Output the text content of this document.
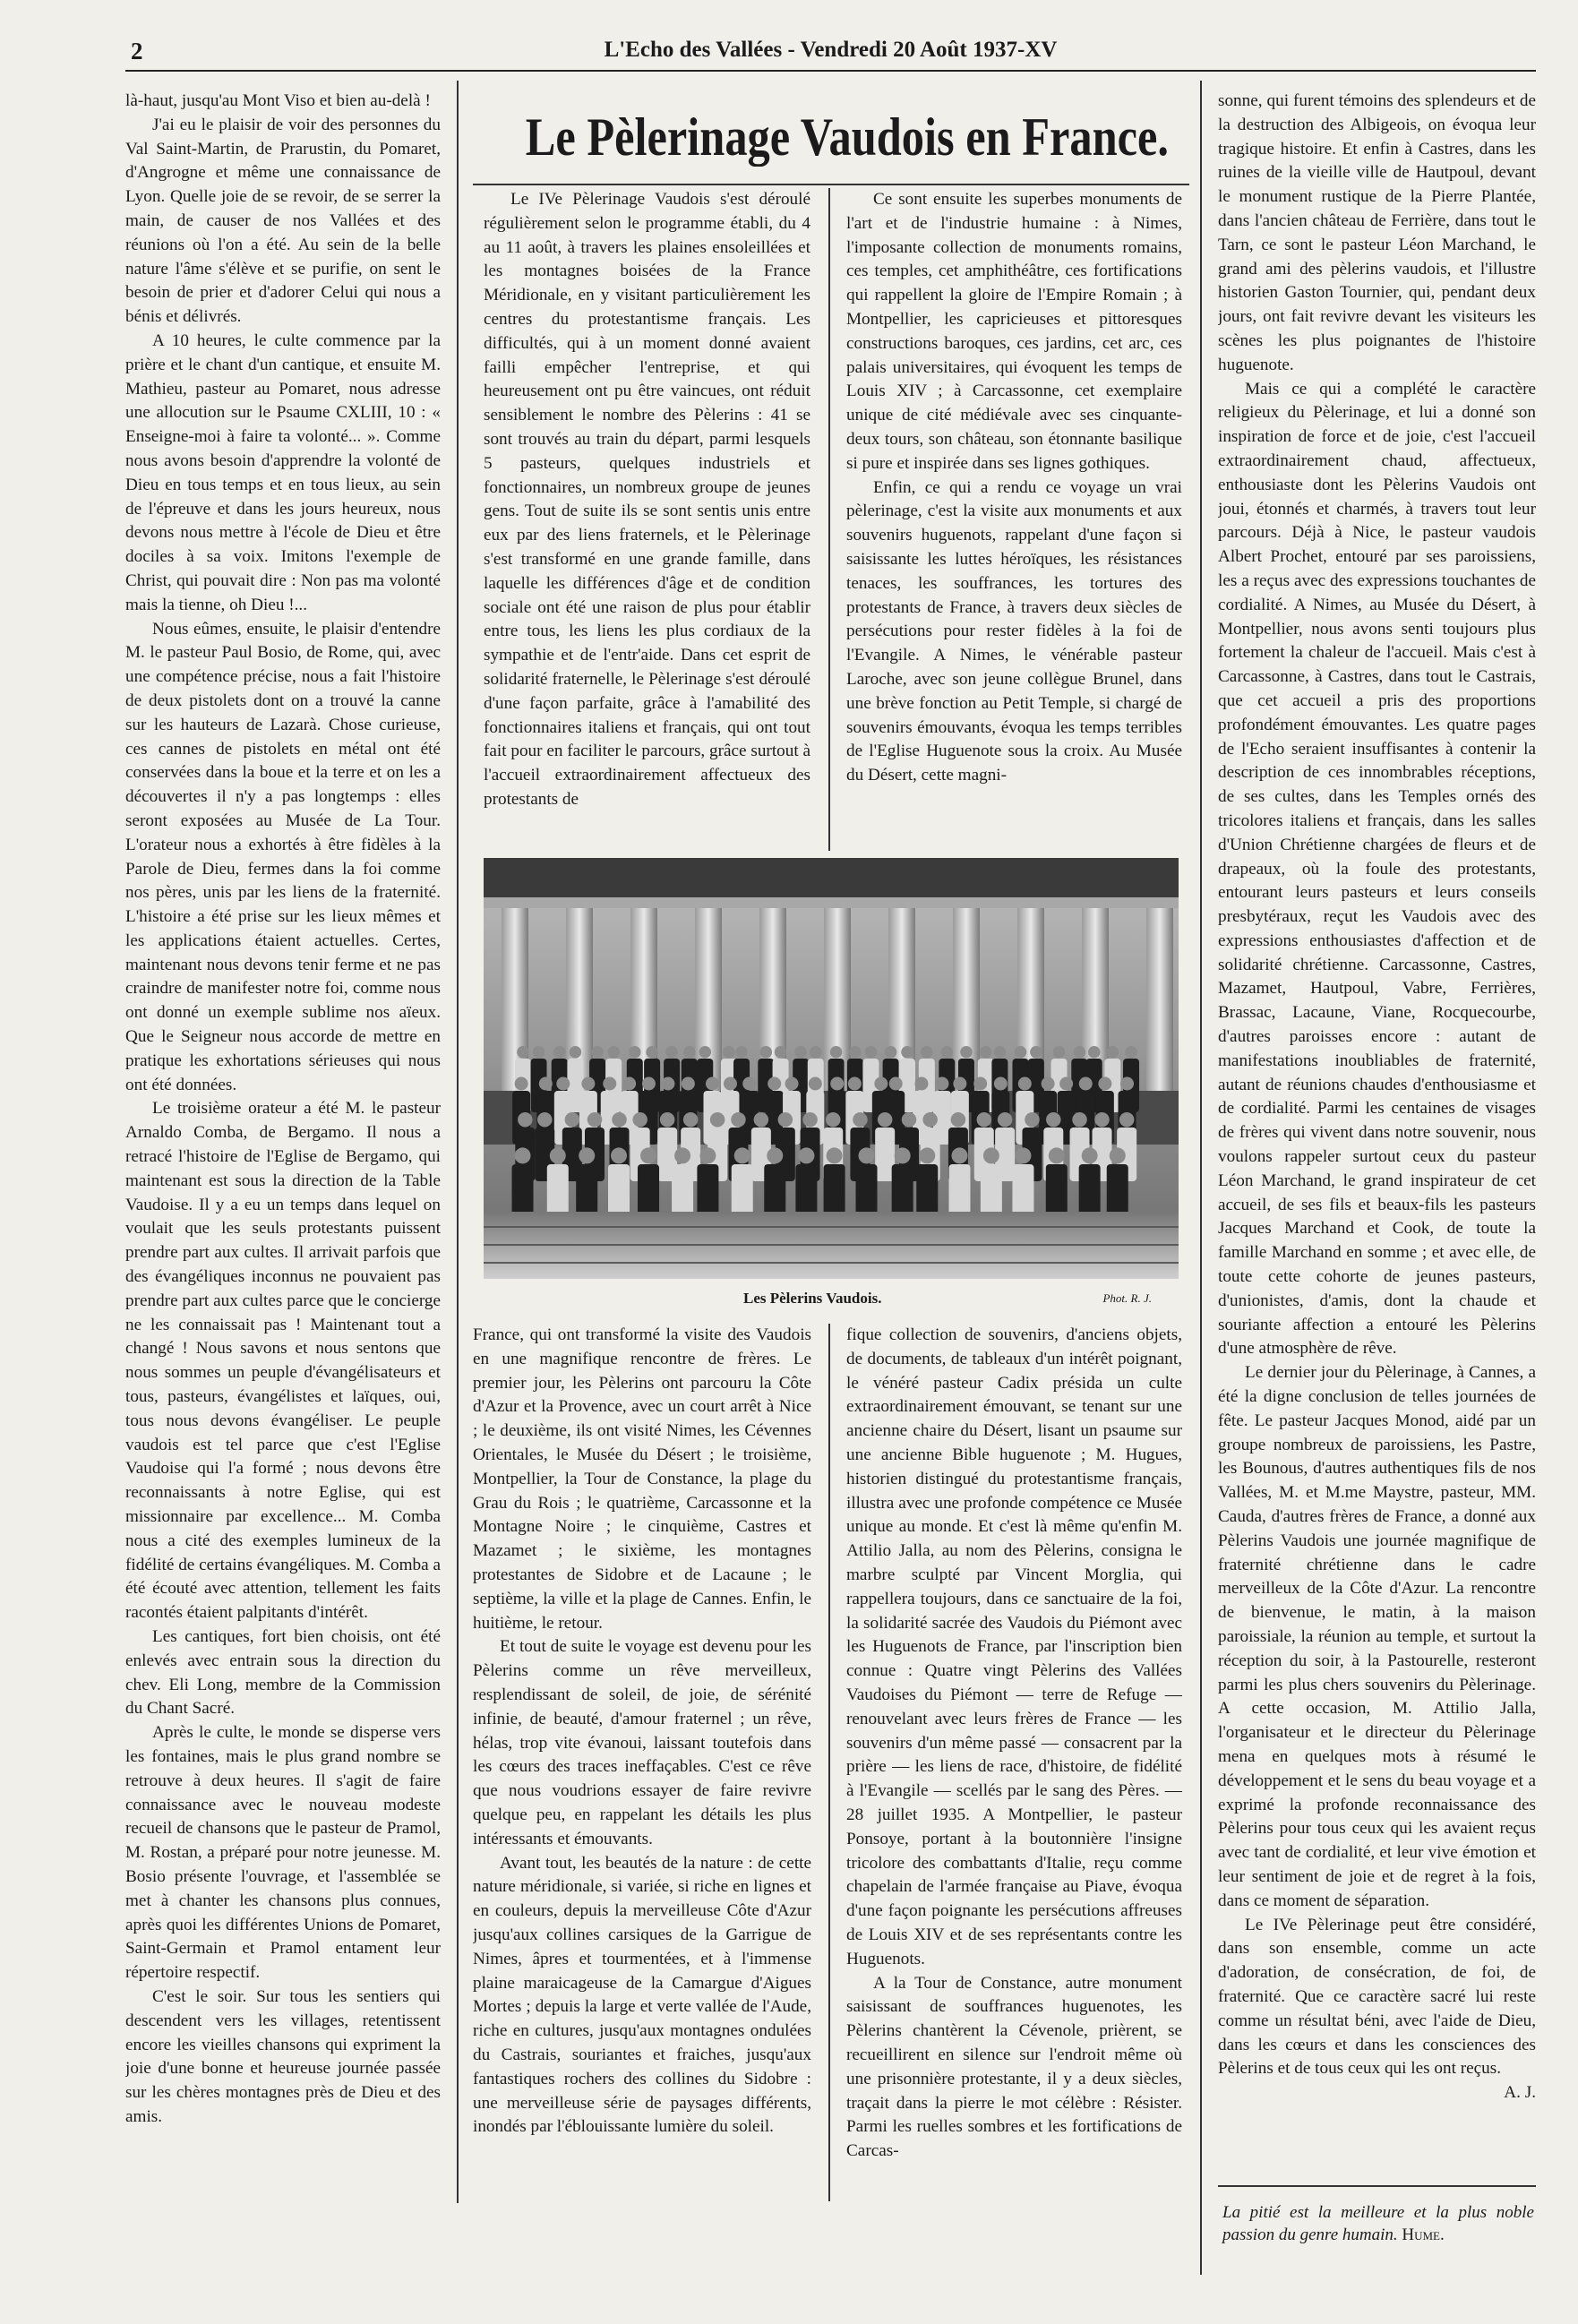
2	L'Echo des Vallées - Vendredi 20 Août 1937-XV

là-haut, jusqu'au Mont Viso et bien au-delà !

J'ai eu le plaisir de voir des personnes du Val Saint-Martin, de Prarustin, du Pomaret, d'Angrogne et même une connaissance de Lyon. Quelle joie de se revoir, de se serrer la main, de causer de nos Vallées et des réunions où l'on a été. Au sein de la belle nature l'âme s'élève et se purifie, on sent le besoin de prier et d'adorer Celui qui nous a bénis et délivrés.

A 10 heures, le culte commence par la prière et le chant d'un cantique, et ensuite M. Mathieu, pasteur au Pomaret, nous adresse une allocution sur le Psaume CXLIII, 10 : « Enseigne-moi à faire ta volonté... ». Comme nous avons besoin d'apprendre la volonté de Dieu en tous temps et en tous lieux, au sein de l'épreuve et dans les jours heureux, nous devons nous mettre à l'école de Dieu et être dociles à sa voix. Imitons l'exemple de Christ, qui pouvait dire : Non pas ma volonté mais la tienne, oh Dieu !...

Nous eûmes, ensuite, le plaisir d'entendre M. le pasteur Paul Bosio, de Rome, qui, avec une compétence précise, nous a fait l'histoire de deux pistolets dont on a trouvé la canne sur les hauteurs de Lazarà. Chose curieuse, ces cannes de pistolets en métal ont été conservées dans la boue et la terre et on les a découvertes il n'y a pas longtemps : elles seront exposées au Musée de La Tour. L'orateur nous a exhortés à être fidèles à la Parole de Dieu, fermes dans la foi comme nos pères, unis par les liens de la fraternité. L'histoire a été prise sur les lieux mêmes et les applications étaient actuelles. Certes, maintenant nous devons tenir ferme et ne pas craindre de manifester notre foi, comme nous ont donné un exemple sublime nos aïeux. Que le Seigneur nous accorde de mettre en pratique les exhortations sérieuses qui nous ont été données.

Le troisième orateur a été M. le pasteur Arnaldo Comba, de Bergamo. Il nous a retracé l'histoire de l'Eglise de Bergamo, qui maintenant est sous la direction de la Table Vaudoise. Il y a eu un temps dans lequel on voulait que les seuls protestants puissent prendre part aux cultes. Il arrivait parfois que des évangéliques inconnus ne pouvaient pas prendre part aux cultes parce que le concierge ne les connaissait pas ! Maintenant tout a changé ! Nous savons et nous sentons que nous sommes un peuple d'évangélisateurs et tous, pasteurs, évangélistes et laïques, oui, tous nous devons évangéliser. Le peuple vaudois est tel parce que c'est l'Eglise Vaudoise qui l'a formé ; nous devons être reconnaissants à notre Eglise, qui est missionnaire par excellence... M. Comba nous a cité des exemples lumineux de la fidélité de certains évangéliques. M. Comba a été écouté avec attention, tellement les faits racontés étaient palpitants d'intérêt.

Les cantiques, fort bien choisis, ont été enlevés avec entrain sous la direction du chev. Eli Long, membre de la Commission du Chant Sacré.

Après le culte, le monde se disperse vers les fontaines, mais le plus grand nombre se retrouve à deux heures. Il s'agit de faire connaissance avec le nouveau modeste recueil de chansons que le pasteur de Pramol, M. Rostan, a préparé pour notre jeunesse. M. Bosio présente l'ouvrage, et l'assemblée se met à chanter les chansons plus connues, après quoi les différentes Unions de Pomaret, Saint-Germain et Pramol entament leur répertoire respectif.

C'est le soir. Sur tous les sentiers qui descendent vers les villages, retentissent encore les vieilles chansons qui expriment la joie d'une bonne et heureuse journée passée sur les chères montagnes près de Dieu et des amis.

Le Pèlerinage Vaudois en France.

Le IVe Pèlerinage Vaudois s'est déroulé régulièrement selon le programme établi, du 4 au 11 août, à travers les plaines ensoleillées et les montagnes boisées de la France Méridionale, en y visitant particulièrement les centres du protestantisme français. Les difficultés, qui à un moment donné avaient failli empêcher l'entreprise, et qui heureusement ont pu être vaincues, ont réduit sensiblement le nombre des Pèlerins : 41 se sont trouvés au train du départ, parmi lesquels 5 pasteurs, quelques industriels et fonctionnaires, un nombreux groupe de jeunes gens. Tout de suite ils se sont sentis unis entre eux par des liens fraternels, et le Pèlerinage s'est transformé en une grande famille, dans laquelle les différences d'âge et de condition sociale ont été une raison de plus pour établir entre tous, les liens les plus cordiaux de la sympathie et de l'entr'aide. Dans cet esprit de solidarité fraternelle, le Pèlerinage s'est déroulé d'une façon parfaite, grâce à l'amabilité des fonctionnaires italiens et français, qui ont tout fait pour en faciliter le parcours, grâce surtout à l'accueil extraordinairement affectueux des protestants de

Ce sont ensuite les superbes monuments de l'art et de l'industrie humaine : à Nimes, l'imposante collection de monuments romains, ces temples, cet amphithéâtre, ces fortifications qui rappellent la gloire de l'Empire Romain ; à Montpellier, les capricieuses et pittoresques constructions baroques, ces jardins, cet arc, ces palais universitaires, qui évoquent les temps de Louis XIV ; à Carcassonne, cet exemplaire unique de cité médiévale avec ses cinquante-deux tours, son château, son étonnante basilique si pure et inspirée dans ses lignes gothiques.

Enfin, ce qui a rendu ce voyage un vrai pèlerinage, c'est la visite aux monuments et aux souvenirs huguenots, rappelant d'une façon si saisissante les luttes héroïques, les résistances tenaces, les souffrances, les tortures des protestants de France, à travers deux siècles de persécutions pour rester fidèles à la foi de l'Evangile. A Nimes, le vénérable pasteur Laroche, avec son jeune collègue Brunel, dans une brève fonction au Petit Temple, si chargé de souvenirs émouvants, évoqua les temps terribles de l'Eglise Huguenote sous la croix. Au Musée du Désert, cette magni-

Les Pèlerins Vaudois.	Phot. R. J.

France, qui ont transformé la visite des Vaudois en une magnifique rencontre de frères. Le premier jour, les Pèlerins ont parcouru la Côte d'Azur et la Provence, avec un court arrêt à Nice ; le deuxième, ils ont visité Nimes, les Cévennes Orientales, le Musée du Désert ; le troisième, Montpellier, la Tour de Constance, la plage du Grau du Rois ; le quatrième, Carcassonne et la Montagne Noire ; le cinquième, Castres et Mazamet ; le sixième, les montagnes protestantes de Sidobre et de Lacaune ; le septième, la ville et la plage de Cannes. Enfin, le huitième, le retour.

Et tout de suite le voyage est devenu pour les Pèlerins comme un rêve merveilleux, resplendissant de soleil, de joie, de sérénité infinie, de beauté, d'amour fraternel ; un rêve, hélas, trop vite évanoui, laissant toutefois dans les cœurs des traces ineffaçables. C'est ce rêve que nous voudrions essayer de faire revivre quelque peu, en rappelant les détails les plus intéressants et émouvants.

Avant tout, les beautés de la nature : de cette nature méridionale, si variée, si riche en lignes et en couleurs, depuis la merveilleuse Côte d'Azur jusqu'aux collines carsiques de la Garrigue de Nimes, âpres et tourmentées, et à l'immense plaine maraicageuse de la Camargue d'Aigues Mortes ; depuis la large et verte vallée de l'Aude, riche en cultures, jusqu'aux montagnes ondulées du Castrais, souriantes et fraiches, jusqu'aux fantastiques rochers des collines du Sidobre : une merveilleuse série de paysages différents, inondés par l'éblouissante lumière du soleil.

fique collection de souvenirs, d'anciens objets, de documents, de tableaux d'un intérêt poignant, le vénéré pasteur Cadix présida un culte extraordinairement émouvant, se tenant sur une ancienne chaire du Désert, lisant un psaume sur une ancienne Bible huguenote ; M. Hugues, historien distingué du protestantisme français, illustra avec une profonde compétence ce Musée unique au monde. Et c'est là même qu'enfin M. Attilio Jalla, au nom des Pèlerins, consigna le marbre sculpté par Vincent Morglia, qui rappellera toujours, dans ce sanctuaire de la foi, la solidarité sacrée des Vaudois du Piémont avec les Huguenots de France, par l'inscription bien connue : Quatre vingt Pèlerins des Vallées Vaudoises du Piémont — terre de Refuge — renouvelant avec leurs frères de France — les souvenirs d'un même passé — consacrent par la prière — les liens de race, d'histoire, de fidélité à l'Evangile — scellés par le sang des Pères. — 28 juillet 1935. A Montpellier, le pasteur Ponsoye, portant à la boutonnière l'insigne tricolore des combattants d'Italie, reçu comme chapelain de l'armée française au Piave, évoqua d'une façon poignante les persécutions affreuses de Louis XIV et de ses représentants contre les Huguenots.

A la Tour de Constance, autre monument saisissant de souffrances huguenotes, les Pèlerins chantèrent la Cévenole, prièrent, se recueillirent en silence sur l'endroit même où une prisonnière protestante, il y a deux siècles, traçait dans la pierre le mot célèbre : Résister. Parmi les ruelles sombres et les fortifications de Carcas-

sonne, qui furent témoins des splendeurs et de la destruction des Albigeois, on évoqua leur tragique histoire. Et enfin à Castres, dans les ruines de la vieille ville de Hautpoul, devant le monument rustique de la Pierre Plantée, dans l'ancien château de Ferrière, dans tout le Tarn, ce sont le pasteur Léon Marchand, le grand ami des pèlerins vaudois, et l'illustre historien Gaston Tournier, qui, pendant deux jours, ont fait revivre devant les visiteurs les scènes les plus poignantes de l'histoire huguenote.

Mais ce qui a complété le caractère religieux du Pèlerinage, et lui a donné son inspiration de force et de joie, c'est l'accueil extraordinairement chaud, affectueux, enthousiaste dont les Pèlerins Vaudois ont joui, étonnés et charmés, à travers tout leur parcours. Déjà à Nice, le pasteur vaudois Albert Prochet, entouré par ses paroissiens, les a reçus avec des expressions touchantes de cordialité. A Nimes, au Musée du Désert, à Montpellier, nous avons senti toujours plus fortement la chaleur de l'accueil. Mais c'est à Carcassonne, à Castres, dans tout le Castrais, que cet accueil a pris des proportions profondément émouvantes. Les quatre pages de l'Echo seraient insuffisantes à contenir la description de ces innombrables réceptions, de ses cultes, dans les Temples ornés des tricolores italiens et français, dans les salles d'Union Chrétienne chargées de fleurs et de drapeaux, où la foule des protestants, entourant leurs pasteurs et leurs conseils presbytéraux, reçut les Vaudois avec des expressions enthousiastes d'affection et de solidarité chrétienne. Carcassonne, Castres, Mazamet, Hautpoul, Vabre, Ferrières, Brassac, Lacaune, Viane, Rocquecourbe, d'autres paroisses encore : autant de manifestations inoubliables de fraternité, autant de réunions chaudes d'enthousiasme et de cordialité. Parmi les centaines de visages de frères qui vivent dans notre souvenir, nous voulons rappeler surtout ceux du pasteur Léon Marchand, le grand inspirateur de cet accueil, de ses fils et beaux-fils les pasteurs Jacques Marchand et Cook, de toute la famille Marchand en somme ; et avec elle, de toute cette cohorte de jeunes pasteurs, d'unionistes, d'amis, dont la chaude et souriante affection a entouré les Pèlerins d'une atmosphère de rêve.

Le dernier jour du Pèlerinage, à Cannes, a été la digne conclusion de telles journées de fête. Le pasteur Jacques Monod, aidé par un groupe nombreux de paroissiens, les Pastre, les Bounous, d'autres authentiques fils de nos Vallées, M. et M.me Maystre, pasteur, MM. Cauda, d'autres frères de France, a donné aux Pèlerins Vaudois une journée magnifique de fraternité chrétienne dans le cadre merveilleux de la Côte d'Azur. La rencontre de bienvenue, le matin, à la maison paroissiale, la réunion au temple, et surtout la réception du soir, à la Pastourelle, resteront parmi les plus chers souvenirs du Pèlerinage. A cette occasion, M. Attilio Jalla, l'organisateur et le directeur du Pèlerinage mena en quelques mots à résumé le développement et le sens du beau voyage et a exprimé la profonde reconnaissance des Pèlerins pour tous ceux qui les avaient reçus avec tant de cordialité, et leur vive émotion et leur sentiment de joie et de regret à la fois, dans ce moment de séparation.

Le IVe Pèlerinage peut être considéré, dans son ensemble, comme un acte d'adoration, de consécration, de foi, de fraternité. Que ce caractère sacré lui reste comme un résultat béni, avec l'aide de Dieu, dans les cœurs et dans les consciences des Pèlerins et de tous ceux qui les ont reçus.

A. J.

La pitié est la meilleure et la plus noble passion du genre humain. Hume.
